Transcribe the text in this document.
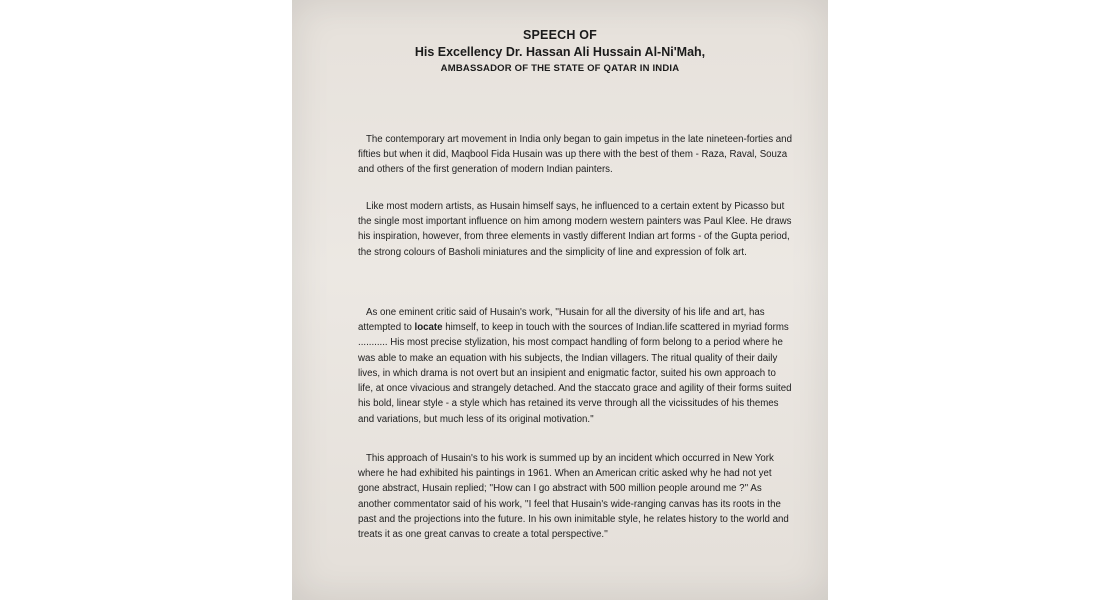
SPEECH OF
His Excellency Dr. Hassan Ali Hussain Al-Ni'Mah,
AMBASSADOR OF THE STATE OF QATAR IN INDIA

The contemporary art movement in India only began to gain impetus in the late nineteen-forties and fifties but when it did, Maqbool Fida Husain was up there with the best of them - Raza, Raval, Souza and others of the first generation of modern Indian painters.

Like most modern artists, as Husain himself says, he influenced to a certain extent by Picasso but the single most important influence on him among modern western painters was Paul Klee. He draws his inspiration, however, from three elements in vastly different Indian art forms - of the Gupta period, the strong colours of Basholi miniatures and the simplicity of line and expression of folk art.

As one eminent critic said of Husain's work, ''Husain for all the diversity of his life and art, has attempted to locate himself, to keep in touch with the sources of Indian.life scattered in myriad forms ........... His most precise stylization, his most compact handling of form belong to a period where he was able to make an equation with his subjects, the Indian villagers. The ritual quality of their daily lives, in which drama is not overt but an insipient and enigmatic factor, suited his own approach to life, at once vivacious and strangely detached. And the staccato grace and agility of their forms suited his bold, linear style - a style which has retained its verve through all the vicissitudes of his themes and variations, but much less of its original motivation.''

This approach of Husain's to his work is summed up by an incident which occurred in New York where he had exhibited his paintings in 1961. When an American critic asked why he had not yet gone abstract, Husain replied; ''How can I go abstract with 500 million people around me ?'' As another commentator said of his work, ''I feel that Husain's wide-ranging canvas has its roots in the past and the projections into the future. In his own inimitable style, he relates history to the world and treats it as one great canvas to create a total perspective.''
